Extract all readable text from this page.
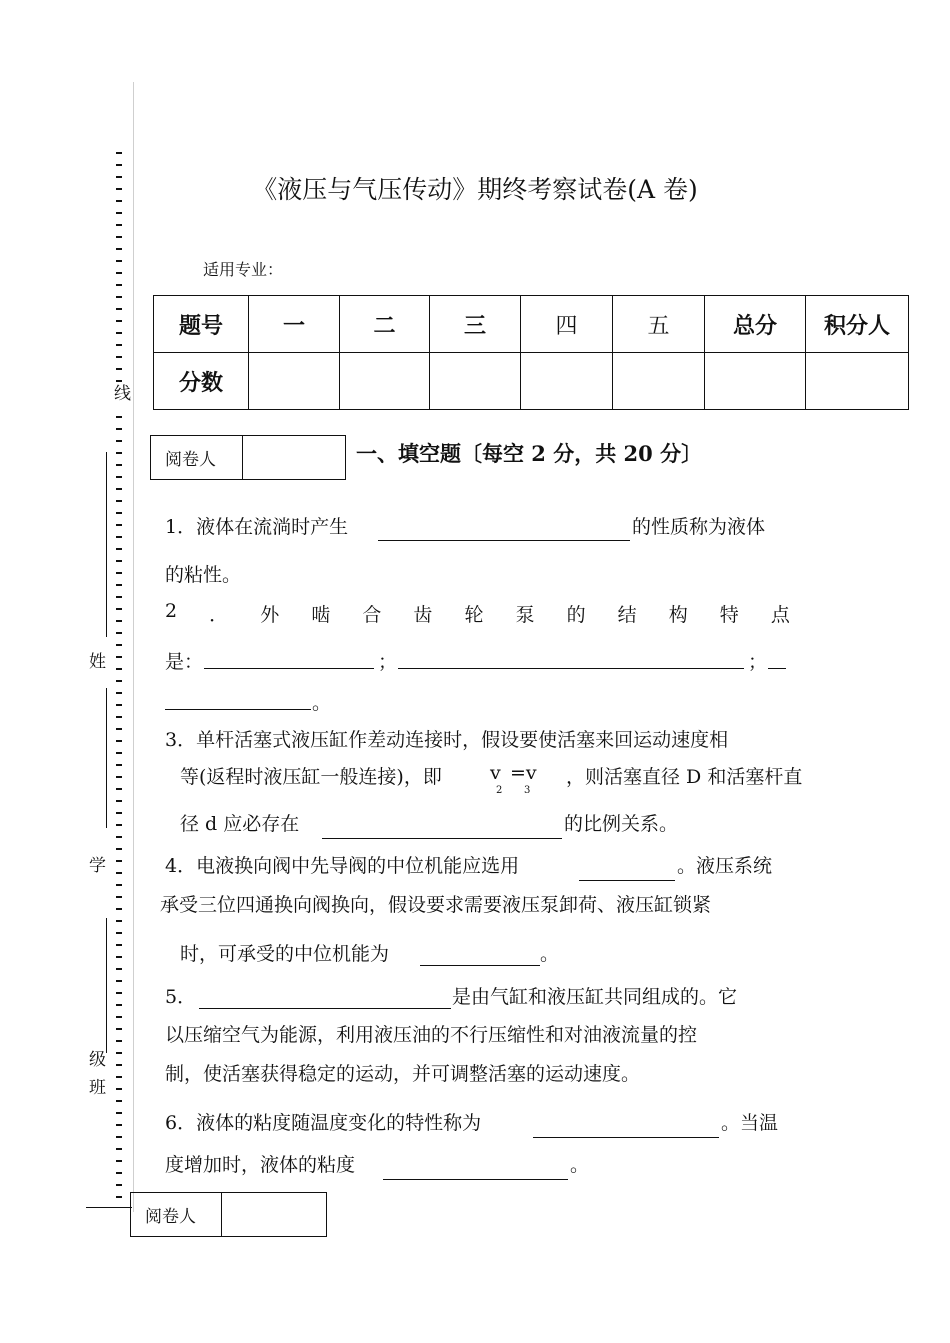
线
姓
学
级
班
《液压与气压传动》期终考察试卷(A 卷)
适用专业：
题号	一	二	三	四	五	总分	积分人
分数							
阅卷人	一、填空题〔每空 2 分，共 20 分〕
1．液体在流淌时产生	的性质称为液体
的粘性。
2 ． 外 啮 合 齿 轮 泵 的 结 构 特 点
是：	；	；
。
3．单杆活塞式液压缸作差动连接时，假设要使活塞来回运动速度相
等(返程时液压缸一般连接)，即	v
2
=v
3
，则活塞直径 D 和活塞杆直
径 d 应必存在	的比例关系。
4．电液换向阀中先导阀的中位机能应选用	。液压系统
承受三位四通换向阀换向，假设要求需要液压泵卸荷、液压缸锁紧
时，可承受的中位机能为	。
5．	是由气缸和液压缸共同组成的。它
以压缩空气为能源，利用液压油的不行压缩性和对油液流量的控
制，使活塞获得稳定的运动，并可调整活塞的运动速度。
6．液体的粘度随温度变化的特性称为	。当温
度增加时，液体的粘度	。
阅卷人
